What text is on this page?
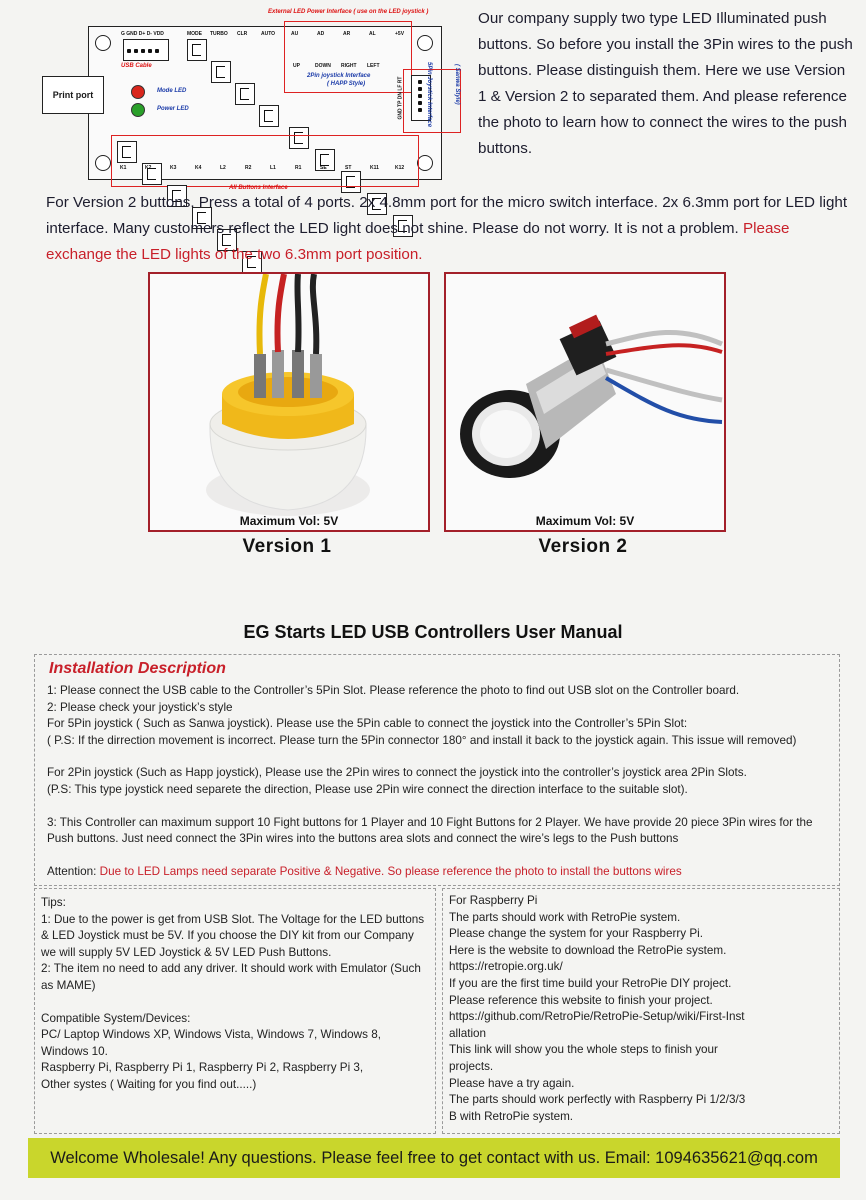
External LED Power Interface ( use on the LED joystick )
G GND D+ D- VDD
USB Cable
MODE TURBO CLR	AUTO	AU	AD	AR	AL	+5V
UP	DOWN RIGHT LEFT
2Pin joystick Interface
( HAPP Style)
Mode LED
Power LED	GND TP DN LF RT
K1	K2	K3	K4	L2	R2	L1	R1	SE	ST	K11	K12
All Buttons Interface
5Pin Joystick Interface	( Sanwa Style)
Print port
Our company supply two type LED Illuminated push buttons. So before you install the 3Pin wires to the push buttons. Please distinguish them. Here we use Version 1 & Version 2 to separated them. And please reference the photo to learn how to connect the wires to the push buttons.
For Version 2 buttons. Press a total of 4 ports. 2x 4.8mm port for the micro switch interface. 2x 6.3mm port for LED light interface. Many customers reflect the LED light does not shine. Please do not worry. It is not a problem. Please exchange the LED lights of the two 6.3mm port position.
Maximum Vol: 5V
Version 1
Maximum Vol: 5V
Version 2
EG Starts LED USB Controllers User Manual
Installation Description

1: Please connect the USB cable to the Controller’s 5Pin Slot. Please reference the photo to find out USB slot on the Controller board.

2: Please check your joystick’s style

For 5Pin joystick ( Such as Sanwa joystick). Please use the 5Pin cable to connect the joystick into the Controller’s 5Pin Slot:

( P.S: If the dirrection movement is incorrect. Please turn the 5Pin connector 180° and install it back to the joystick again. This issue will removed)

For 2Pin joystick (Such as Happ joystick), Please use the 2Pin wires to connect the joystick into the controller’s joystick area 2Pin Slots.

(P.S: This type joystick need separete the direction, Please use 2Pin wire connect the direction interface to the suitable slot).

3: This Controller can maximum support 10 Fight buttons for 1 Player and 10 Fight Buttons for 2 Player. We have provide 20 piece 3Pin wires for the Push buttons. Just need connect the 3Pin wires into the buttons area slots and connect the wire’s legs to the Push buttons

Attention: Due to LED Lamps need separate Positive & Negative. So please reference the photo to install the buttons wires

Tips:

1: Due to the power is get from USB Slot. The Voltage for the LED buttons & LED Joystick must be 5V. If you choose the DIY kit from our Company we will supply 5V LED Joystick & 5V LED Push Buttons.

2: The item no need to add any driver. It should work with Emulator (Such as MAME)

Compatible System/Devices:

PC/ Laptop Windows XP, Windows Vista, Windows 7, Windows 8, Windows 10.

Raspberry Pi, Raspberry Pi 1, Raspberry Pi 2, Raspberry Pi 3,

Other systes ( Waiting for you find out.....)

For Raspberry Pi

The parts should work with RetroPie system.

Please change the system for your Raspberry Pi.

Here is the website to download the RetroPie system.

https://retropie.org.uk/

If you are the first time build your RetroPie DIY project.

Please reference this website to finish your project.

https://github.com/RetroPie/RetroPie-Setup/wiki/First-Installation

This link will show you the whole steps to finish your projects.

Please have a try again.

The parts should work perfectly with Raspberry Pi 1/2/3/3 B with RetroPie system.

Welcome Wholesale! Any questions. Please feel free to get contact with us. Email: 1094635621@qq.com
